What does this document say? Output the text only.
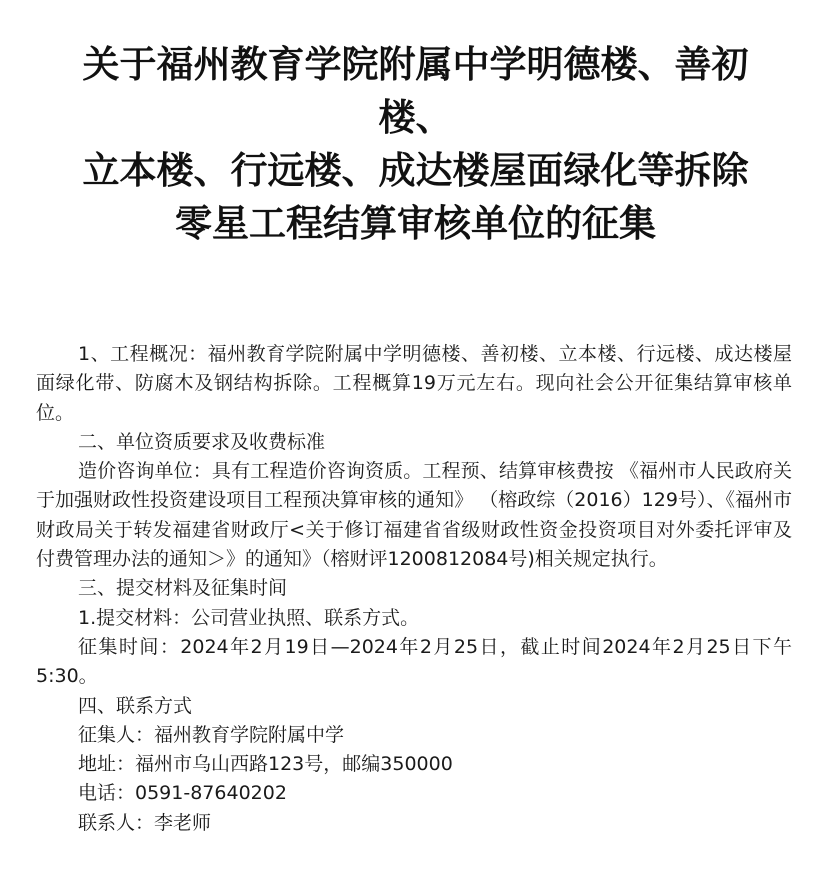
关于福州教育学院附属中学明德楼、善初
楼、
立本楼、行远楼、成达楼屋面绿化等拆除
零星工程结算审核单位的征集

1、工程概况：福州教育学院附属中学明德楼、善初楼、立本楼、行远楼、成达楼屋面绿化带、防腐木及钢结构拆除。工程概算19万元左右。现向社会公开征集结算审核单位。

二、单位资质要求及收费标准

造价咨询单位：具有工程造价咨询资质。工程预、结算审核费按 《福州市人民政府关于加强财政性投资建设项目工程预决算审核的通知》 （榕政综（2016）129号）、《福州市财政局关于转发福建省财政厅<关于修订福建省省级财政性资金投资项目对外委托评审及付费管理办法的通知＞》的通知》（榕财评1200812084号)相关规定执行。

三、提交材料及征集时间

1.提交材料：公司营业执照、联系方式。

征集时间：2024年2月19日—2024年2月25日，截止时间2024年2月25日下午5:30。

四、联系方式

征集人：福州教育学院附属中学

地址：福州市乌山西路123号，邮编350000

电话：0591-87640202

联系人：李老师
